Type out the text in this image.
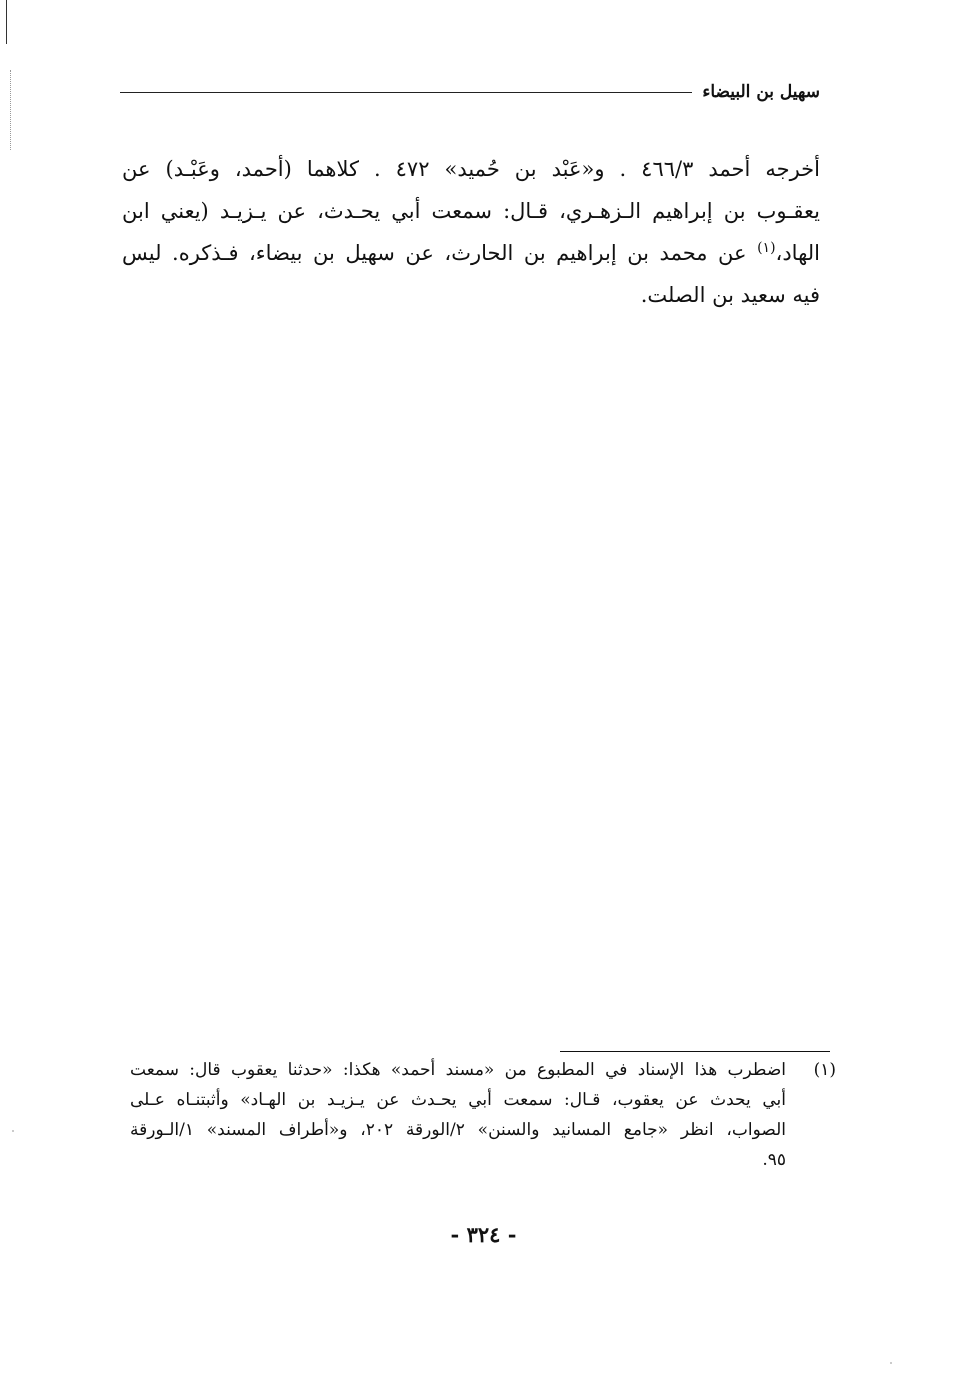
سهيل بن البيضاء
أخرجه أحمد ٤٦٦/٣ . و«عَبْد بن حُميد» ٤٧٢ . كلاهما (أحمد، وعَبْـد) عن
يعقـوب بن إبراهيم الـزهـري، قـال: سمعت أبي يحـدث، عن يـزيـد (يعني ابن
الهاد،$^{(١)}$ عن محمد بن إبراهيم بن الحارث، عن سهيل بن بيضاء، فـذكره. ليس
فيه سعيد بن الصلت.
(١)
اضطرب هذا الإسناد في المطبوع من «مسند أحمد» هكذا: «حدثنا يعقوب قال: سمعت
أبي يحدث عن يعقوب، قـال: سمعت أبي يحـدث عن يـزيـد بن الهـاد» وأثبتنـاه عـلى
الصواب، انظر «جامع المسانيد والسنن» ٢/الورقة ٢٠٢، و«أطراف المسند» ١/الـورقة
٩٥.
- ٣٢٤ -
